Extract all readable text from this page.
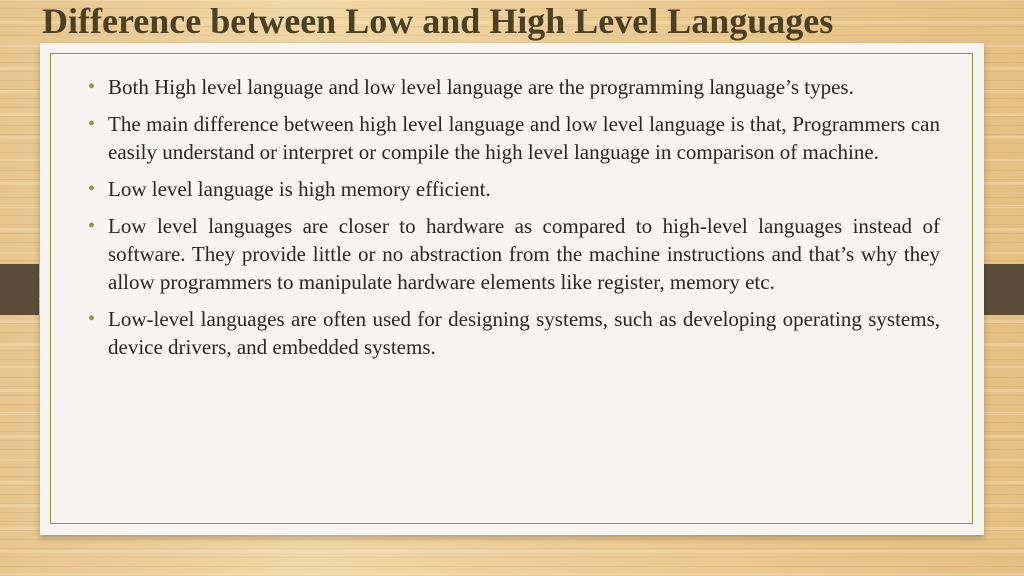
Difference between Low and High Level Languages
• Both High level language and low level language are the programming language’s types.
• The main difference between high level language and low level language is that, Programmers can easily understand or interpret or compile the high level language in comparison of machine.
• Low level language is high memory efficient.
• Low level languages are closer to hardware as compared to high-level languages instead of software. They provide little or no abstraction from the machine instructions and that’s why they allow programmers to manipulate hardware elements like register, memory etc.
• Low-level languages are often used for designing systems, such as developing operating systems, device drivers, and embedded systems.
